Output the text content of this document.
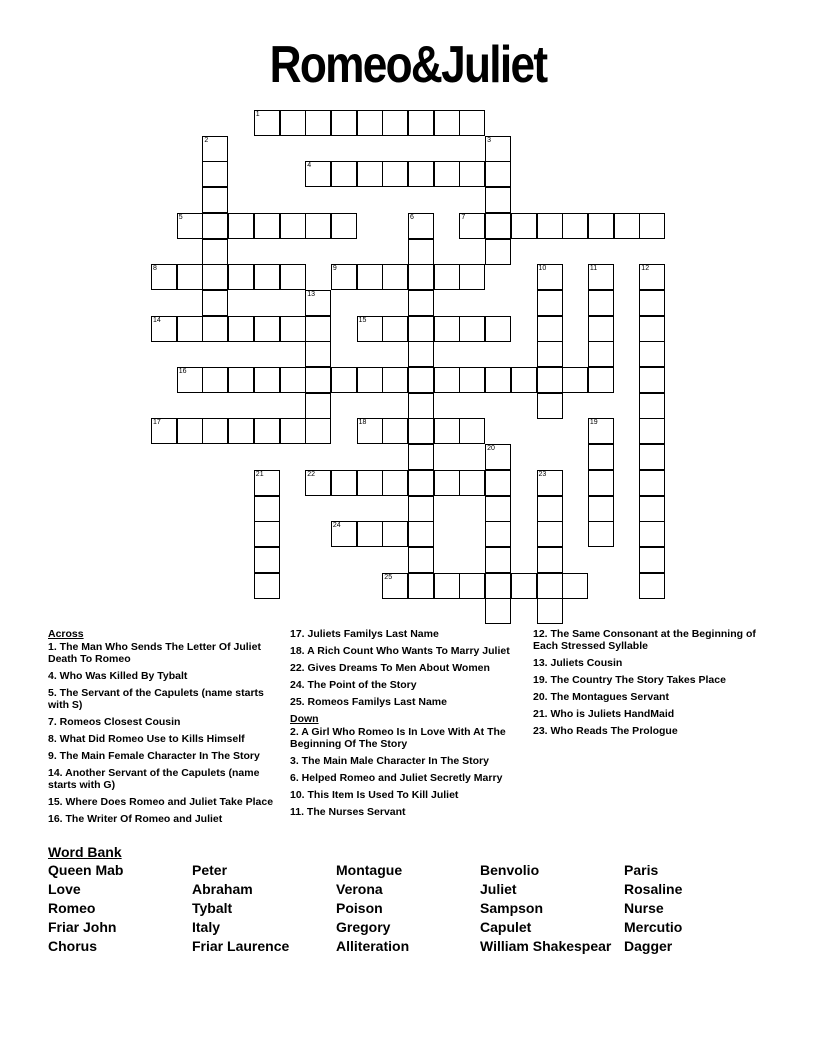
Romeo&Juliet
1
2	3
4
5	6	7
8	9	10	11	12
13
14	15
16
17	18	19
20
21	22	23
24
25
Across
1. The Man Who Sends The Letter Of Juliet Death To Romeo
4. Who Was Killed By Tybalt
5. The Servant of the Capulets (name starts with S)
7. Romeos Closest Cousin
8. What Did Romeo Use to Kills Himself
9. The Main Female Character In The Story
14. Another Servant of the Capulets (name starts with G)
15. Where Does Romeo and Juliet Take Place
16. The Writer Of Romeo and Juliet
17. Juliets Familys Last Name
18. A Rich Count Who Wants To Marry Juliet
22. Gives Dreams To Men About Women
24. The Point of the Story
25. Romeos Familys Last Name
Down
2. A Girl Who Romeo Is In Love With At The Beginning Of The Story
3. The Main Male Character In The Story
6. Helped Romeo and Juliet Secretly Marry
10. This Item Is Used To Kill Juliet
11. The Nurses Servant
12. The Same Consonant at the Beginning of Each Stressed Syllable
13. Juliets Cousin
19. The Country The Story Takes Place
20. The Montagues Servant
21. Who is Juliets HandMaid
23. Who Reads The Prologue
Word Bank
Queen Mab
Love
Romeo
Friar John
Chorus
Peter
Abraham
Tybalt
Italy
Friar Laurence
Montague
Verona
Poison
Gregory
Alliteration
Benvolio
Juliet
Sampson
Capulet
William Shakespear
Paris
Rosaline
Nurse
Mercutio
Dagger
